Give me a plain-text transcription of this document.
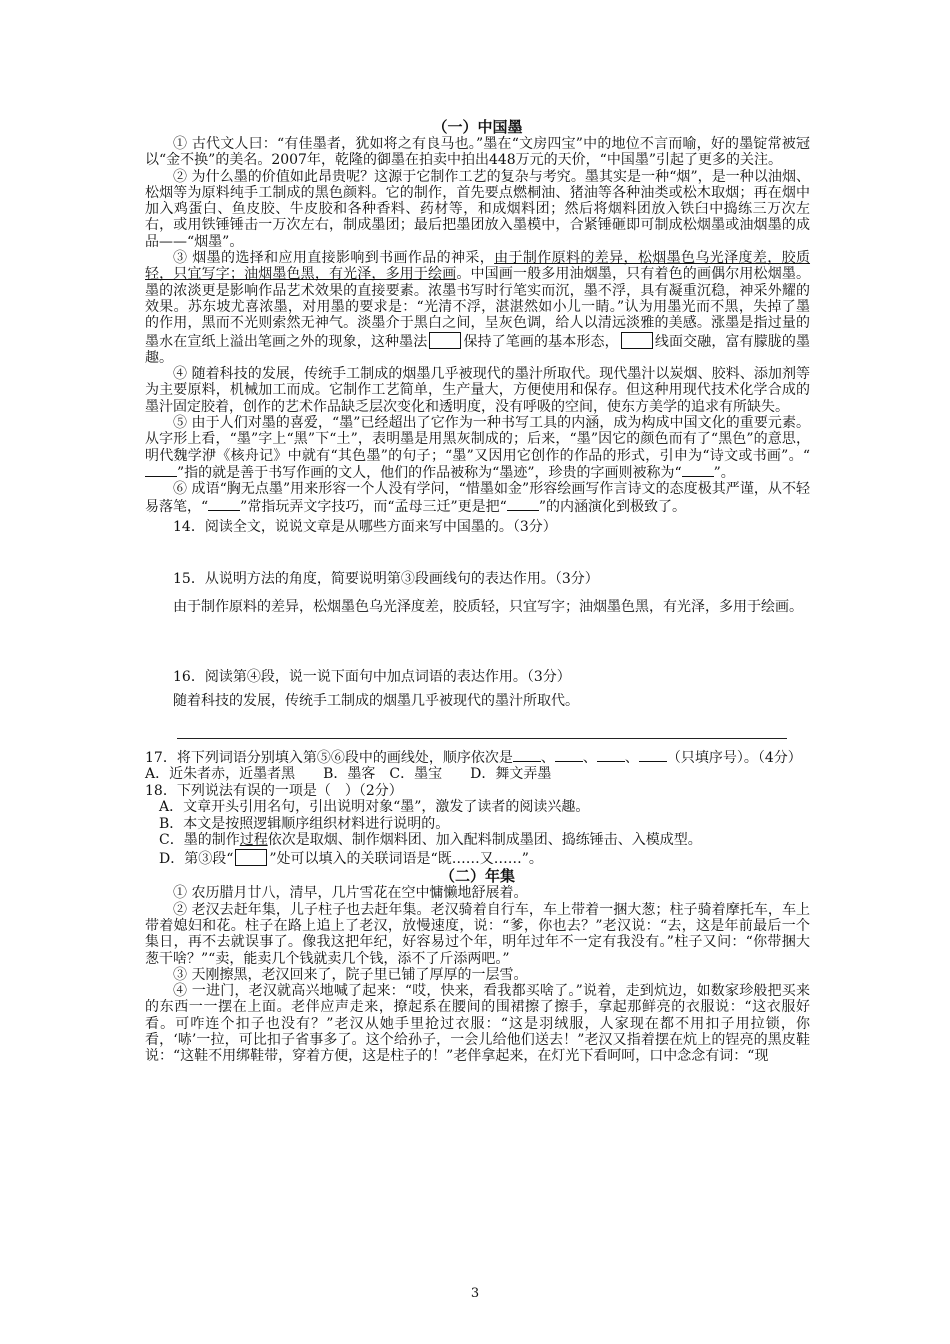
（一）中国墨

① 古代文人曰：“有佳墨者，犹如将之有良马也。”墨在“文房四宝”中的地位不言而喻，好的墨锭常被冠以“金不换”的美名。2007年，乾隆的御墨在拍卖中拍出448万元的天价，“中国墨”引起了更多的关注。

② 为什么墨的价值如此昂贵呢？这源于它制作工艺的复杂与考究。墨其实是一种“烟”，是一种以油烟、松烟等为原料纯手工制成的黑色颜料。它的制作，首先要点燃桐油、猪油等各种油类或松木取烟；再在烟中加入鸡蛋白、鱼皮胶、牛皮胶和各种香料、药材等，和成烟料团；然后将烟料团放入铁臼中捣练三万次左右，或用铁锤锤击一万次左右，制成墨团；最后把墨团放入墨模中，合紧锤砸即可制成松烟墨或油烟墨的成品——“烟墨”。

③ 烟墨的选择和应用直接影响到书画作品的神采，由于制作原料的差异，松烟墨色乌光泽度差，胶质轻，只宜写字；油烟墨色黑，有光泽，多用于绘画。中国画一般多用油烟墨，只有着色的画偶尔用松烟墨。墨的浓淡更是影响作品艺术效果的直接要素。浓墨书写时行笔实而沉，墨不浮，具有凝重沉稳，神采外耀的效果。苏东坡尤喜浓墨，对用墨的要求是：“光清不浮，湛湛然如小儿一睛。”认为用墨光而不黑，失掉了墨的作用，黑而不光则索然无神气。淡墨介于黑白之间，呈灰色调，给人以清远淡雅的美感。涨墨是指过量的墨水在宣纸上溢出笔画之外的现象，这种墨法	保持了笔画的基本形态，	线面交融，富有朦胧的墨趣。

④ 随着科技的发展，传统手工制成的烟墨几乎被现代的墨汁所取代。现代墨汁以炭烟、胶料、添加剂等为主要原料，机械加工而成。它制作工艺简单，生产量大，方便使用和保存。但这种用现代技术化学合成的墨汁固定胶着，创作的艺术作品缺乏层次变化和透明度，没有呼吸的空间，使东方美学的追求有所缺失。

⑤ 由于人们对墨的喜爱，“墨”已经超出了它作为一种书写工具的内涵，成为构成中国文化的重要元素。从字形上看，“墨”字上“黑”下“土”，表明墨是用黑灰制成的；后来，“墨”因它的颜色而有了“黑色”的意思，明代魏学洢《核舟记》中就有“其色墨”的句子；“墨”又因用它创作的作品的形式，引申为“诗文或书画”。“”指的就是善于书写作画的文人，他们的作品被称为“墨迹”，珍贵的字画则被称为“ ”。

⑥ 成语“胸无点墨”用来形容一个人没有学问，“惜墨如金”形容绘画写作言诗文的态度极其严谨，从不轻易落笔，“ ”常指玩弄文字技巧，而“孟母三迁”更是把“ ”的内涵演化到极致了。

14．阅读全文，说说文章是从哪些方面来写中国墨的。（3分）

15．从说明方法的角度，简要说明第③段画线句的表达作用。（3分）

由于制作原料的差异，松烟墨色乌光泽度差，胶质轻，只宜写字；油烟墨色黑，有光泽，多用于绘画。

16．阅读第④段，说一说下面句中加点词语的表达作用。（3分）

随着科技的发展，传统手工制成的烟墨几乎被现代的墨汁所取代。

17．将下列词语分别填入第⑤⑥段中的画线处，顺序依次是 、 、 、 （只填序号）。（4分）

A．近朱者赤，近墨者黑　　B．墨客　C．墨宝　　D．舞文弄墨

18．下列说法有误的一项是（　）（2分）

A．文章开头引用名句，引出说明对象“墨”，激发了读者的阅读兴趣。

B．本文是按照逻辑顺序组织材料进行说明的。

C．墨的制作过程依次是取烟、制作烟料团、加入配料制成墨团、捣练锤击、入模成型。

D．第③段“	”处可以填入的关联词语是“既……又……”。

（二）年集

① 农历腊月廿八，清早，几片雪花在空中慵懒地舒展着。

② 老汉去赶年集，儿子柱子也去赶年集。老汉骑着自行车，车上带着一捆大葱；柱子骑着摩托车，车上带着媳妇和花。柱子在路上追上了老汉，放慢速度，说：“爹，你也去？”老汉说：“去，这是年前最后一个集日，再不去就误事了。像我这把年纪，好容易过个年，明年过年不一定有我没有。”柱子又问：“你带捆大葱干啥？”“卖，能卖几个钱就卖几个钱，添不了斤添两吧。”

③ 天刚擦黑，老汉回来了，院子里已铺了厚厚的一层雪。

④ 一进门，老汉就高兴地喊了起来：“哎，快来，看我都买啥了。”说着，走到炕边，如数家珍般把买来的东西一一摆在上面。老伴应声走来，撩起系在腰间的围裙擦了擦手，拿起那鲜亮的衣服说：“这衣服好看。可咋连个扣子也没有？”老汉从她手里抢过衣服：“这是羽绒服，人家现在都不用扣子用拉锁，你看，‘哧’一拉，可比扣子省事多了。这个给孙子，一会儿给他们送去！”老汉又指着摆在炕上的锃亮的黑皮鞋说：“这鞋不用绑鞋带，穿着方便，这是柱子的！”老伴拿起来，在灯光下看呵呵，口中念念有词：“现

3
